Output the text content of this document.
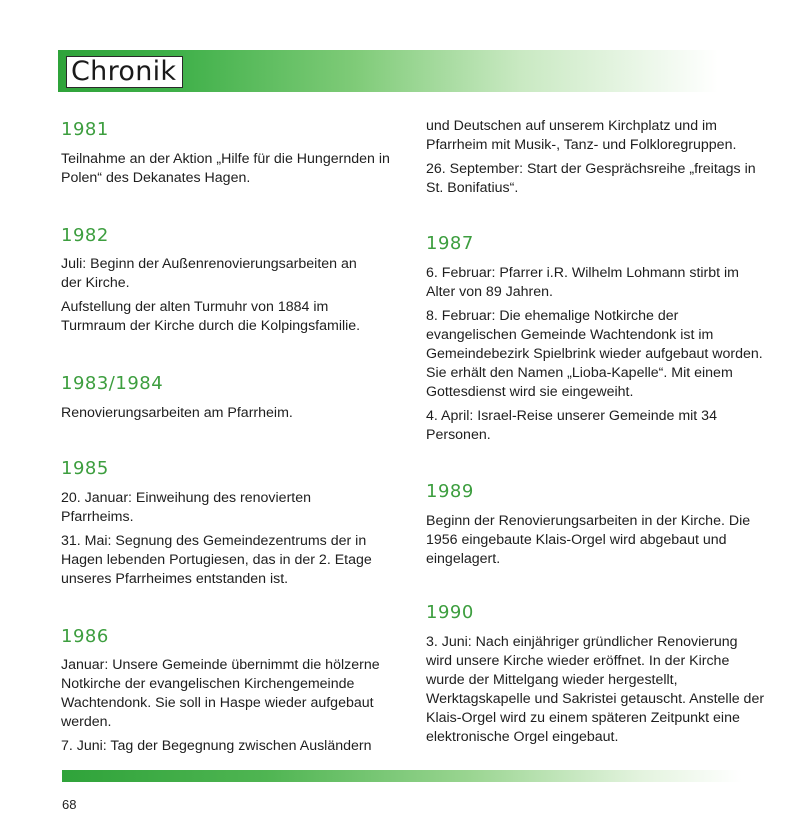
Chronik
1981
Teilnahme an der Aktion „Hilfe für die Hungernden in Polen“ des Dekanates Hagen.
1982
Juli: Beginn der Außenrenovierungsarbeiten an der Kirche.
Aufstellung der alten Turmuhr von 1884 im Turmraum der Kirche durch die Kolpingsfamilie.
1983/1984
Renovierungsarbeiten am Pfarrheim.
1985
20. Januar: Einweihung des renovierten Pfarrheims.
31. Mai: Segnung des Gemeindezentrums der in Hagen lebenden Portugiesen, das in der 2. Etage unseres Pfarrheimes entstanden ist.
1986
Januar: Unsere Gemeinde übernimmt die hölzerne Notkirche der evangelischen Kirchengemeinde Wachtendonk. Sie soll in Haspe wieder aufgebaut werden.
7. Juni: Tag der Begegnung zwischen Ausländern
und Deutschen auf unserem Kirchplatz und im Pfarrheim mit Musik-, Tanz- und Folkloregruppen.
26. September: Start der Gesprächsreihe „freitags in St. Bonifatius“.
1987
6. Februar: Pfarrer i.R. Wilhelm Lohmann stirbt im Alter von 89 Jahren.
8. Februar: Die ehemalige Notkirche der evangelischen Gemeinde Wachtendonk ist im Gemeindebezirk Spielbrink wieder aufgebaut worden. Sie erhält den Namen „Lioba-Kapelle“. Mit einem Gottesdienst wird sie eingeweiht.
4. April: Israel-Reise unserer Gemeinde mit 34 Personen.
1989
Beginn der Renovierungsarbeiten in der Kirche. Die 1956 eingebaute Klais-Orgel wird abgebaut und eingelagert.
1990
3. Juni: Nach einjähriger gründlicher Renovierung wird unsere Kirche wieder eröffnet. In der Kirche wurde der Mittelgang wieder hergestellt, Werktagskapelle und Sakristei getauscht. Anstelle der Klais-Orgel wird zu einem späteren Zeitpunkt eine elektronische Orgel eingebaut.
68
